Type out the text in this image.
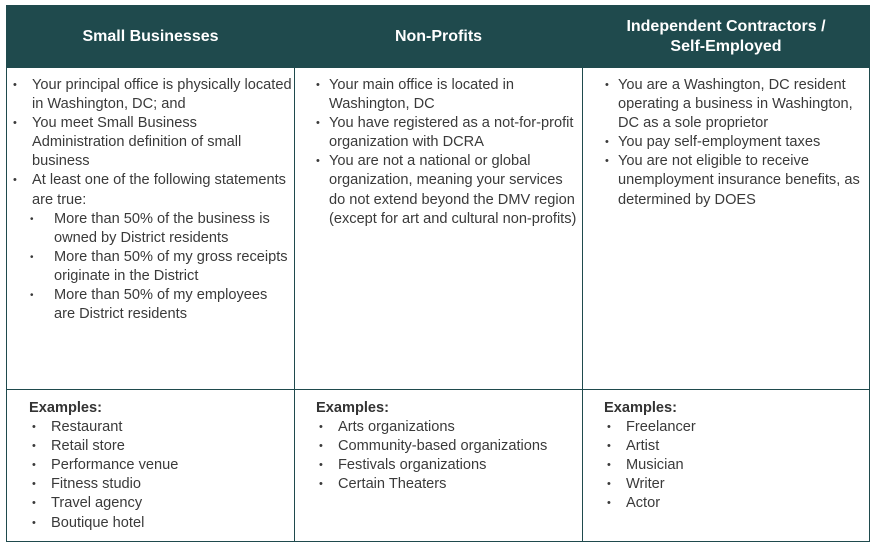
Small Businesses	Non-Profits
Independent Contractors / Self-Employed
• Your principal office is physically located in Washington, DC; and
• You meet Small Business Administration definition of small business
• At least one of the following statements are true:
• More than 50% of the business is owned by District residents
• More than 50% of my gross receipts originate in the District
• More than 50% of my employees are District residents
• Your main office is located in Washington, DC
• You have registered as a not-for-profit organization with DCRA
• You are not a national or global organization, meaning your services do not extend beyond the DMV region (except for art and cultural non-profits)
• You are a Washington, DC resident operating a business in Washington, DC as a sole proprietor
• You pay self-employment taxes
• You are not eligible to receive unemployment insurance benefits, as determined by DOES
Examples:
• Restaurant
• Retail store
• Performance venue
• Fitness studio
• Travel agency
• Boutique hotel
Examples:
• Arts organizations
• Community-based organizations
• Festivals organizations
• Certain Theaters
Examples:
• Freelancer
• Artist
• Musician
• Writer
• Actor
